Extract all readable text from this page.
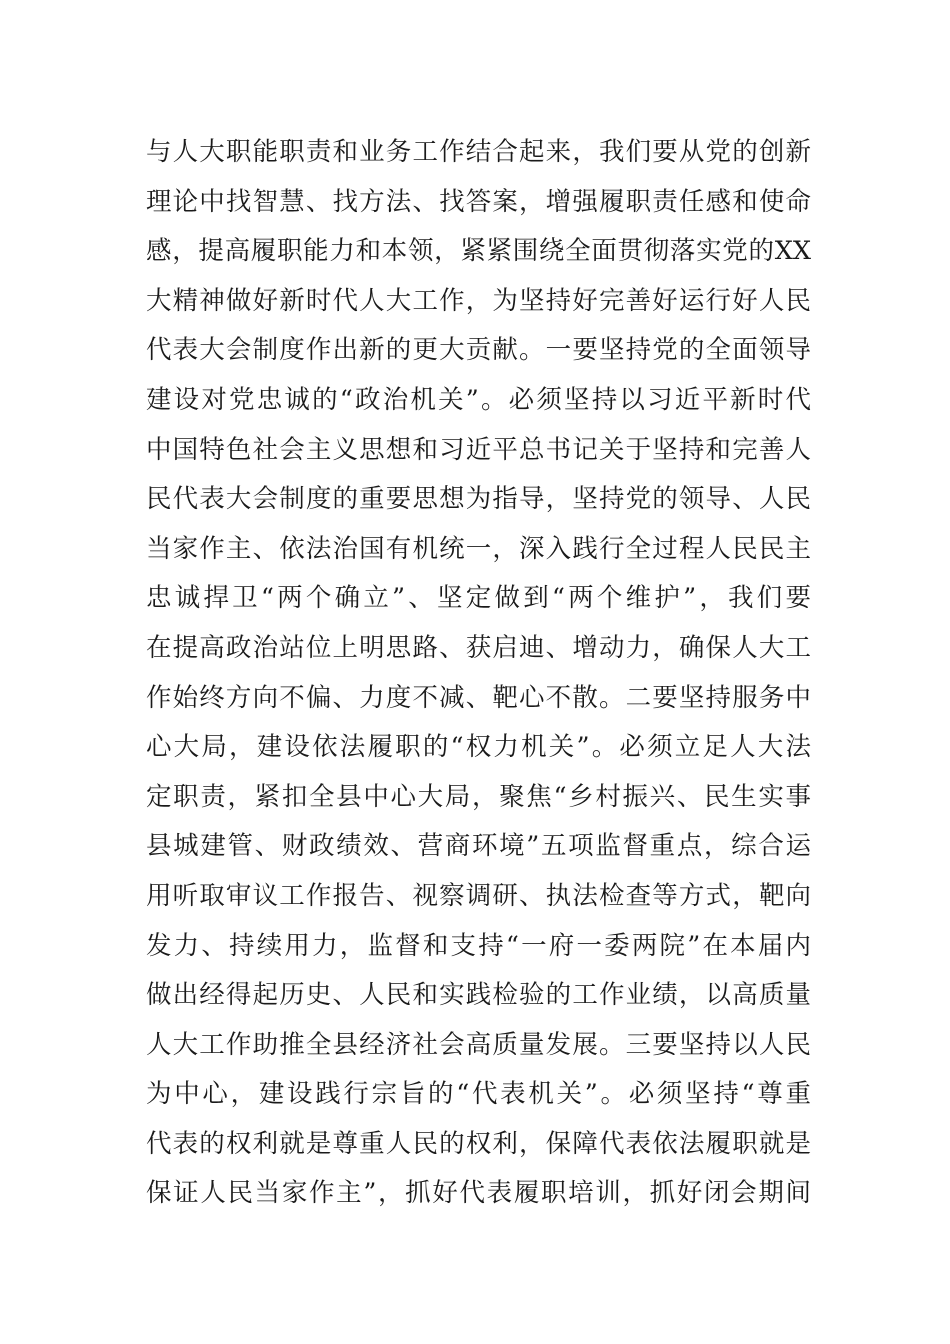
与人大职能职责和业务工作结合起来，我们要从党的创新
理论中找智慧、找方法、找答案，增强履职责任感和使命
感，提高履职能力和本领，紧紧围绕全面贯彻落实党的XX
大精神做好新时代人大工作，为坚持好完善好运行好人民
代表大会制度作出新的更大贡献。一要坚持党的全面领导
建设对党忠诚的“政治机关”。必须坚持以习近平新时代
中国特色社会主义思想和习近平总书记关于坚持和完善人
民代表大会制度的重要思想为指导，坚持党的领导、人民
当家作主、依法治国有机统一，深入践行全过程人民民主
忠诚捍卫“两个确立”、坚定做到“两个维护”，我们要
在提高政治站位上明思路、获启迪、增动力，确保人大工
作始终方向不偏、力度不减、靶心不散。二要坚持服务中
心大局，建设依法履职的“权力机关”。必须立足人大法
定职责，紧扣全县中心大局，聚焦“乡村振兴、民生实事
县城建管、财政绩效、营商环境”五项监督重点，综合运
用听取审议工作报告、视察调研、执法检查等方式，靶向
发力、持续用力，监督和支持“一府一委两院”在本届内
做出经得起历史、人民和实践检验的工作业绩，以高质量
人大工作助推全县经济社会高质量发展。三要坚持以人民
为中心，建设践行宗旨的“代表机关”。必须坚持“尊重
代表的权利就是尊重人民的权利，保障代表依法履职就是
保证人民当家作主”，抓好代表履职培训，抓好闭会期间
